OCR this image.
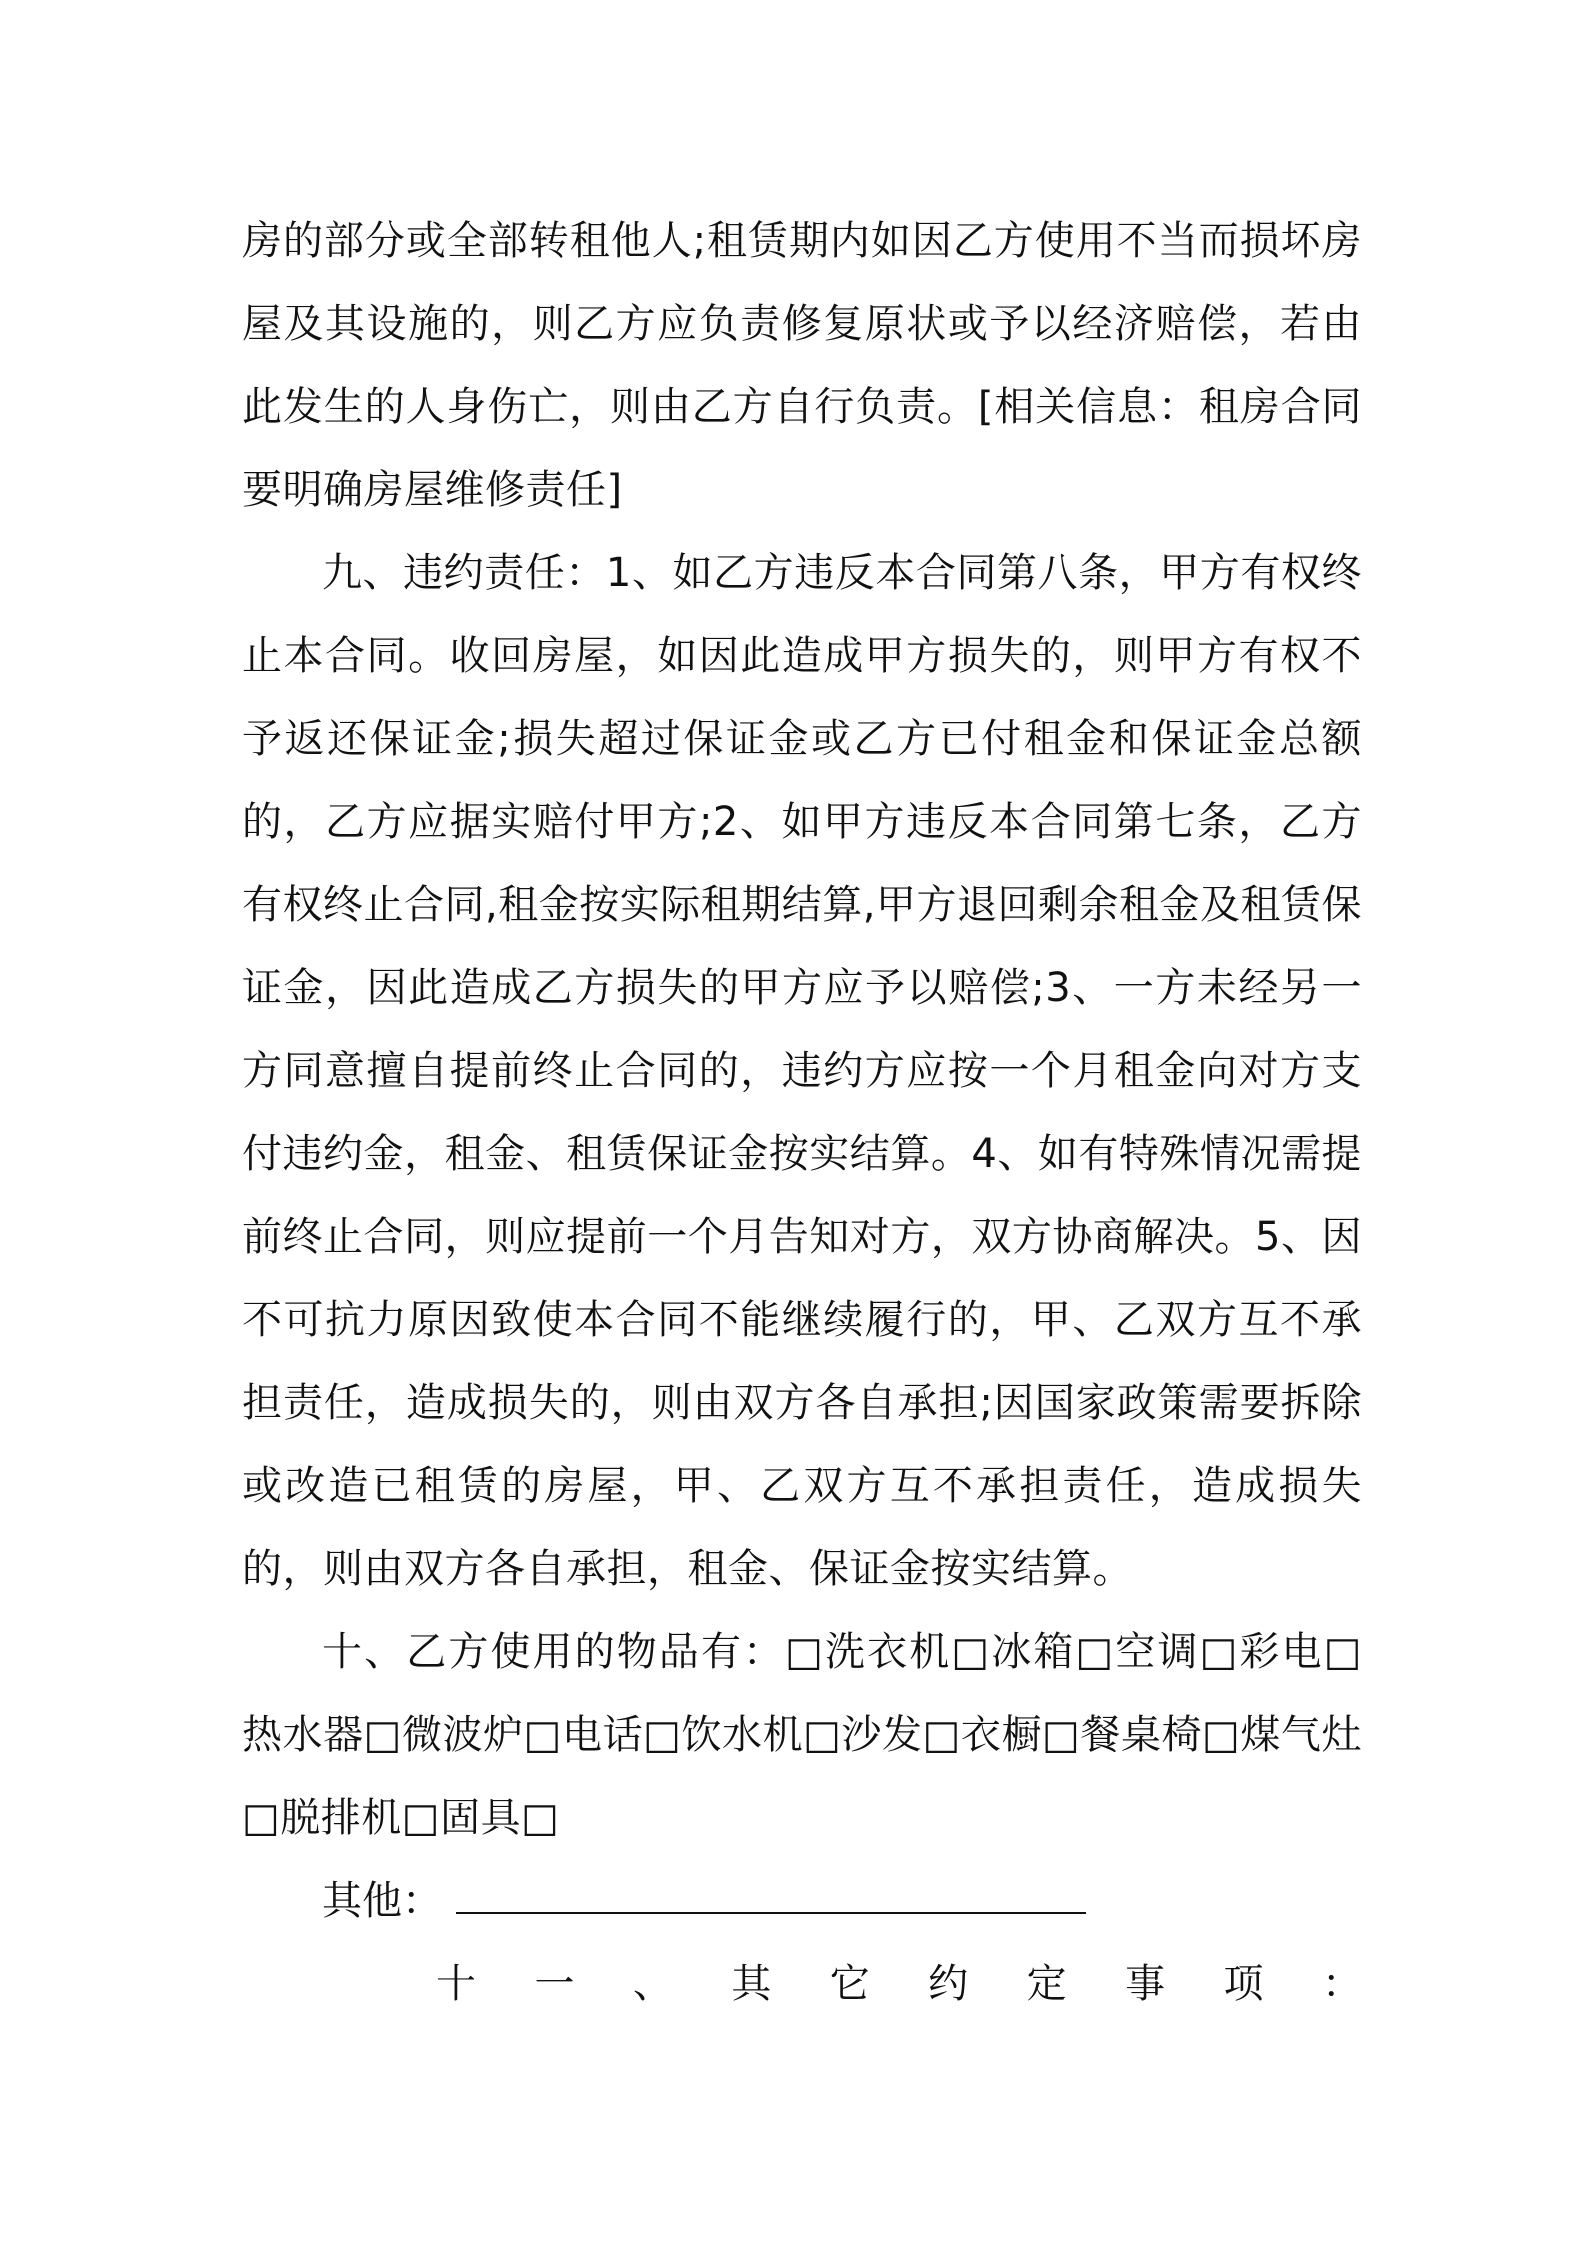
房的部分或全部转租他人;租赁期内如因乙方使用不当而损坏房屋及其设施的，则乙方应负责修复原状或予以经济赔偿，若由此发生的人身伤亡，则由乙方自行负责。[相关信息：租房合同要明确房屋维修责任]

九、违约责任：1、如乙方违反本合同第八条，甲方有权终止本合同。收回房屋，如因此造成甲方损失的，则甲方有权不予返还保证金;损失超过保证金或乙方已付租金和保证金总额的，乙方应据实赔付甲方;2、如甲方违反本合同第七条，乙方有权终止合同,租金按实际租期结算,甲方退回剩余租金及租赁保证金，因此造成乙方损失的甲方应予以赔偿;3、一方未经另一方同意擅自提前终止合同的，违约方应按一个月租金向对方支付违约金，租金、租赁保证金按实结算。4、如有特殊情况需提前终止合同，则应提前一个月告知对方，双方协商解决。5、因不可抗力原因致使本合同不能继续履行的，甲、乙双方互不承担责任，造成损失的，则由双方各自承担;因国家政策需要拆除或改造已租赁的房屋，甲、乙双方互不承担责任，造成损失的，则由双方各自承担，租金、保证金按实结算。

十、乙方使用的物品有：□洗衣机□冰箱□空调□彩电□热水器□微波炉□电话□饮水机□沙发□衣橱□餐桌椅□煤气灶□脱排机□固具□

其他：

十 一 、 其 它 约 定 事 项 ：
